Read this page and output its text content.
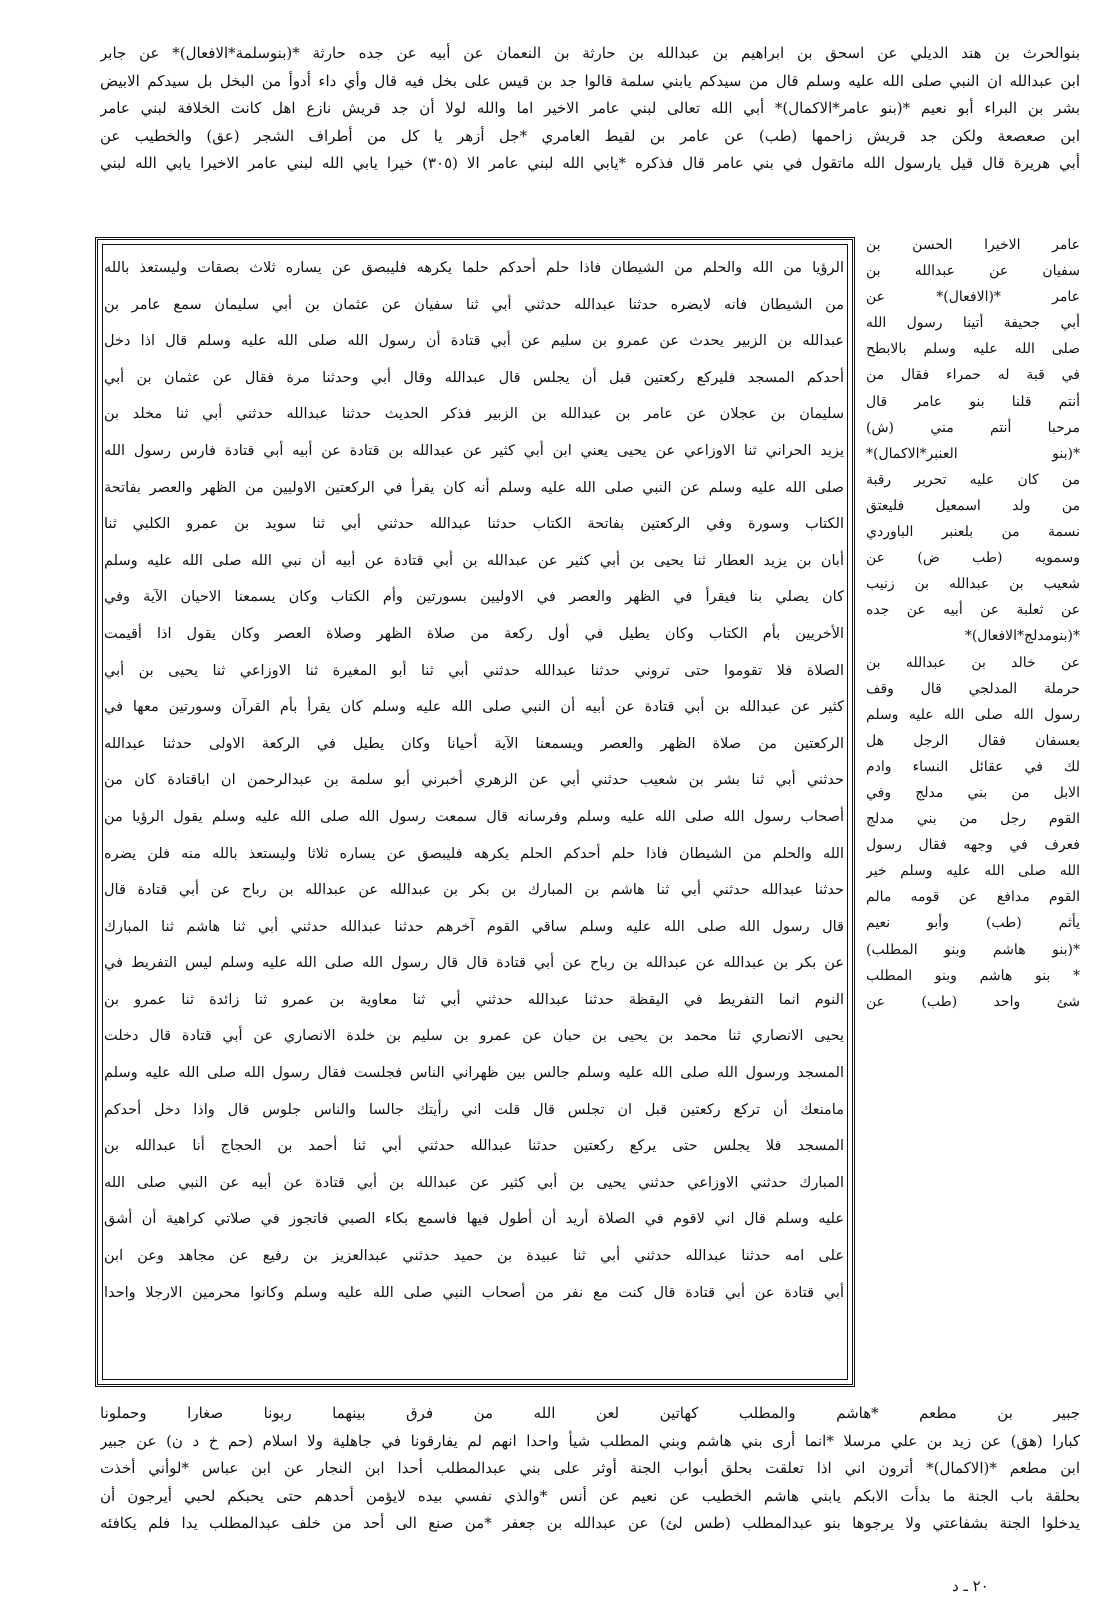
بنوالحرث بن هند الديلي عن اسحق بن ابراهيم بن عبدالله بن حارثة بن النعمان عن أبيه عن جده حارثة *(بنوسلمة*الافعال)* عن جابر
ابن عبدالله ان النبي صلى الله عليه وسلم قال من سيدكم يابني سلمة قالوا جد بن قيس على بخل فيه قال وأي داء أدوأ من البخل بل سيدكم الابيض
بشر بن البراء أبو نعيم *(بنو عامر*الاكمال)* أبي الله تعالى لبني عامر الاخير اما والله لولا أن جد قريش نازع اهل كانت الخلافة لبني عامر
ابن صعصعة ولكن جد قريش زاحمها (طب) عن عامر بن لقيط العامري *جل أزهر يا كل من أطراف الشجر (عق) والخطيب عن
أبي هريرة قال قيل يارسول الله ماتقول في بني عامر قال فذكره *يابي الله لبني عامر الا (٣٠٥) خيرا يابي الله لبني عامر الاخيرا يابي الله لبني
الرؤيا من الله والحلم من الشيطان فاذا حلم أحدكم حلما يكرهه فليبصق عن يساره ثلاث بصقات وليستعذ بالله
من الشيطان فانه لايضره حدثنا عبدالله حدثني أبي ثنا سفيان عن عثمان بن أبي سليمان سمع عامر بن
عبدالله بن الزبير يحدث عن عمرو بن سليم عن أبي قتادة أن رسول الله صلى الله عليه وسلم قال اذا دخل
أحدكم المسجد فليركع ركعتين قبل أن يجلس قال عبدالله وقال أبي وحدثنا مرة فقال عن عثمان بن أبي
سليمان بن عجلان عن عامر بن عبدالله بن الزبير فذكر الحديث حدثنا عبدالله حدثني أبي ثنا مخلد بن
يزيد الحراني ثنا الاوزاعي عن يحيى يعني ابن أبي كثير عن عبدالله بن قتادة عن أبيه أبي قتادة فارس رسول الله
صلى الله عليه وسلم عن النبي صلى الله عليه وسلم أنه كان يقرأ في الركعتين الاوليين من الظهر والعصر بفاتحة
الكتاب وسورة وفي الركعتين بفاتحة الكتاب حدثنا عبدالله حدثني أبي ثنا سويد بن عمرو الكلبي ثنا
أبان بن يزيد العطار ثنا يحيى بن أبي كثير عن عبدالله بن أبي قتادة عن أبيه أن نبي الله صلى الله عليه وسلم
كان يصلي بنا فيقرأ في الظهر والعصر في الاوليين بسورتين وأم الكتاب وكان يسمعنا الاحيان الآية وفي
الأخريين بأم الكتاب وكان يطيل في أول ركعة من صلاة الظهر وصلاة العصر وكان يقول اذا أقيمت
الصلاة فلا تقوموا حتى تروني حدثنا عبدالله حدثني أبي ثنا أبو المغيرة ثنا الاوزاعي ثنا يحيى بن أبي
كثير عن عبدالله بن أبي قتادة عن أبيه أن النبي صلى الله عليه وسلم كان يقرأ بأم القرآن وسورتين معها في
الركعتين من صلاة الظهر والعصر ويسمعنا الآية أحيانا وكان يطيل في الركعة الاولى حدثنا عبدالله
حدثني أبي ثنا بشر بن شعيب حدثني أبي عن الزهري أخبرني أبو سلمة بن عبدالرحمن ان اباقتادة كان من
أصحاب رسول الله صلى الله عليه وسلم وفرسانه قال سمعت رسول الله صلى الله عليه وسلم يقول الرؤيا من
الله والحلم من الشيطان فاذا حلم أحدكم الحلم يكرهه فليبصق عن يساره ثلاثا وليستعذ بالله منه فلن يضره
حدثنا عبدالله حدثني أبي ثنا هاشم بن المبارك بن بكر بن عبدالله عن عبدالله بن رباح عن أبي قتادة قال
قال رسول الله صلى الله عليه وسلم ساقي القوم آخرهم حدثنا عبدالله حدثني أبي ثنا هاشم ثنا المبارك
عن بكر بن عبدالله عن عبدالله بن رباح عن أبي قتادة قال قال رسول الله صلى الله عليه وسلم ليس التفريط في
النوم انما التفريط في اليقظة حدثنا عبدالله حدثني أبي ثنا معاوية بن عمرو ثنا زائدة ثنا عمرو بن
يحيى الانصاري ثنا محمد بن يحيى بن حبان عن عمرو بن سليم بن خلدة الانصاري عن أبي قتادة قال دخلت
المسجد ورسول الله صلى الله عليه وسلم جالس بين ظهراني الناس فجلست فقال رسول الله صلى الله عليه وسلم
مامنعك أن تركع ركعتين قبل ان تجلس قال قلت اني رأيتك جالسا والناس جلوس قال واذا دخل أحدكم
المسجد فلا يجلس حتى يركع ركعتين حدثنا عبدالله حدثني أبي ثنا أحمد بن الحجاج أنا عبدالله بن
المبارك حدثني الاوزاعي حدثني يحيى بن أبي كثير عن عبدالله بن أبي قتادة عن أبيه عن النبي صلى الله
عليه وسلم قال اني لاقوم في الصلاة أريد أن أطول فيها فاسمع بكاء الصبي فاتجوز في صلاتي كراهية أن أشق
على امه حدثنا عبدالله حدثني أبي ثنا عبيدة بن حميد حدثني عبدالعزيز بن رفيع عن مجاهد وعن ابن
أبي قتادة عن أبي قتادة قال كنت مع نفر من أصحاب النبي صلى الله عليه وسلم وكانوا محرمين الارجلا واحدا
عامر الاخيرا الحسن بن
سفيان عن عبدالله بن
عامر *(الافعال)* عن
أبي جحيفة أتينا رسول الله
صلى الله عليه وسلم بالابطح
في قبة له حمراء فقال من
أنتم قلنا بنو عامر قال
مرحبا أنتم مني (ش)
*(بنو العنبر*الاكمال)*
من كان عليه تحرير رقبة
من ولد اسمعيل فليعتق
نسمة من بلعنبر الباوردي
وسمويه (طب ض) عن
شعيب بن عبدالله بن زنيب
عن ثعلبة عن أبيه عن جده
*(بنومدلج*الافعال)*
عن خالد بن عبدالله بن
حرملة المدلجي قال وقف
رسول الله صلى الله عليه وسلم
بعسفان فقال الرجل هل
لك في عقائل النساء وادم
الابل من بني مدلج وفي
القوم رجل من بني مدلج
فعرف في وجهه فقال رسول
الله صلى الله عليه وسلم خير
القوم مدافع عن قومه مالم
يأثم (طب) وأبو نعيم
*(بنو هاشم وبنو المطلب)
* بنو هاشم وبنو المطلب
شئ واحد (طب) عن
جبير بن مطعم *هاشم والمطلب كهاتين لعن الله من فرق بينهما ربونا صغارا وحملونا
كبارا (هق) عن زيد بن علي مرسلا *انما أرى بني هاشم وبني المطلب شيأ واحدا انهم لم يفارقونا في جاهلية ولا اسلام (حم خ د ن) عن جبير
ابن مطعم *(الاكمال)* أترون اني اذا تعلقت بحلق أبواب الجنة أوثر على بني عبدالمطلب أحدا ابن النجار عن ابن عباس *لوأني أخذت
بحلقة باب الجنة ما بدأت الابكم يابني هاشم الخطيب عن نعيم عن أنس *والذي نفسي بيده لايؤمن أحدهم حتى يحبكم لحبي أيرجون أن
يدخلوا الجنة بشفاعتي ولا يرجوها بنو عبدالمطلب (طس لئ) عن عبدالله بن جعفر *من صنع الى أحد من خلف عبدالمطلب يدا فلم يكافئه
٢٠ ـ د
